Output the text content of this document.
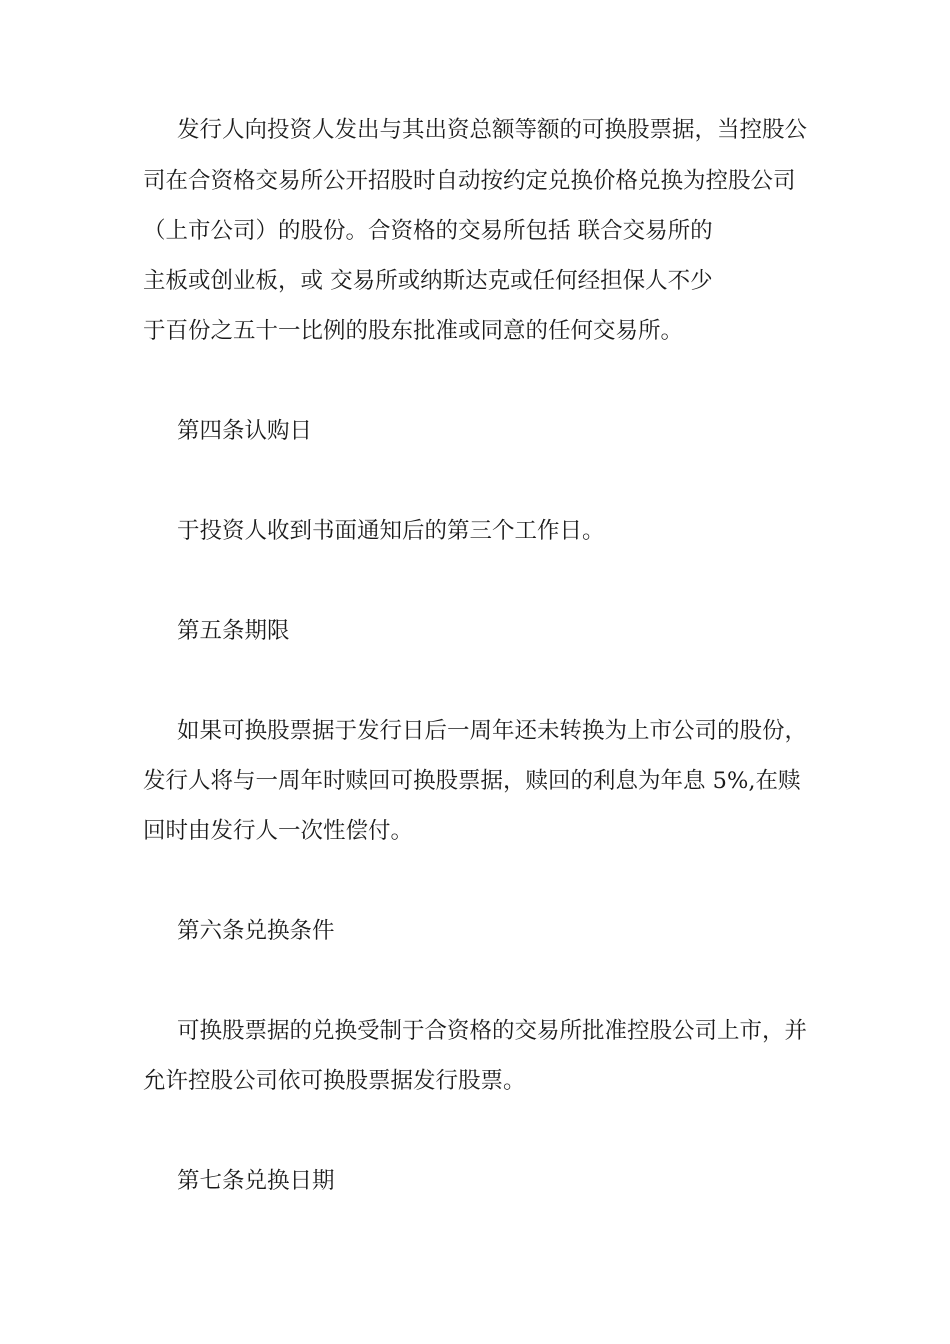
发行人向投资人发出与其出资总额等额的可换股票据，当控股公
司在合资格交易所公开招股时自动按约定兑换价格兑换为控股公司
（上市公司）的股份。合资格的交易所包括 联合交易所的
主板或创业板，或 交易所或纳斯达克或任何经担保人不少
于百份之五十一比例的股东批准或同意的任何交易所。
第四条认购日
于投资人收到书面通知后的第三个工作日。
第五条期限
如果可换股票据于发行日后一周年还未转换为上市公司的股份，
发行人将与一周年时赎回可换股票据，赎回的利息为年息 5%,在赎
回时由发行人一次性偿付。
第六条兑换条件
可换股票据的兑换受制于合资格的交易所批准控股公司上市，并
允许控股公司依可换股票据发行股票。
第七条兑换日期
